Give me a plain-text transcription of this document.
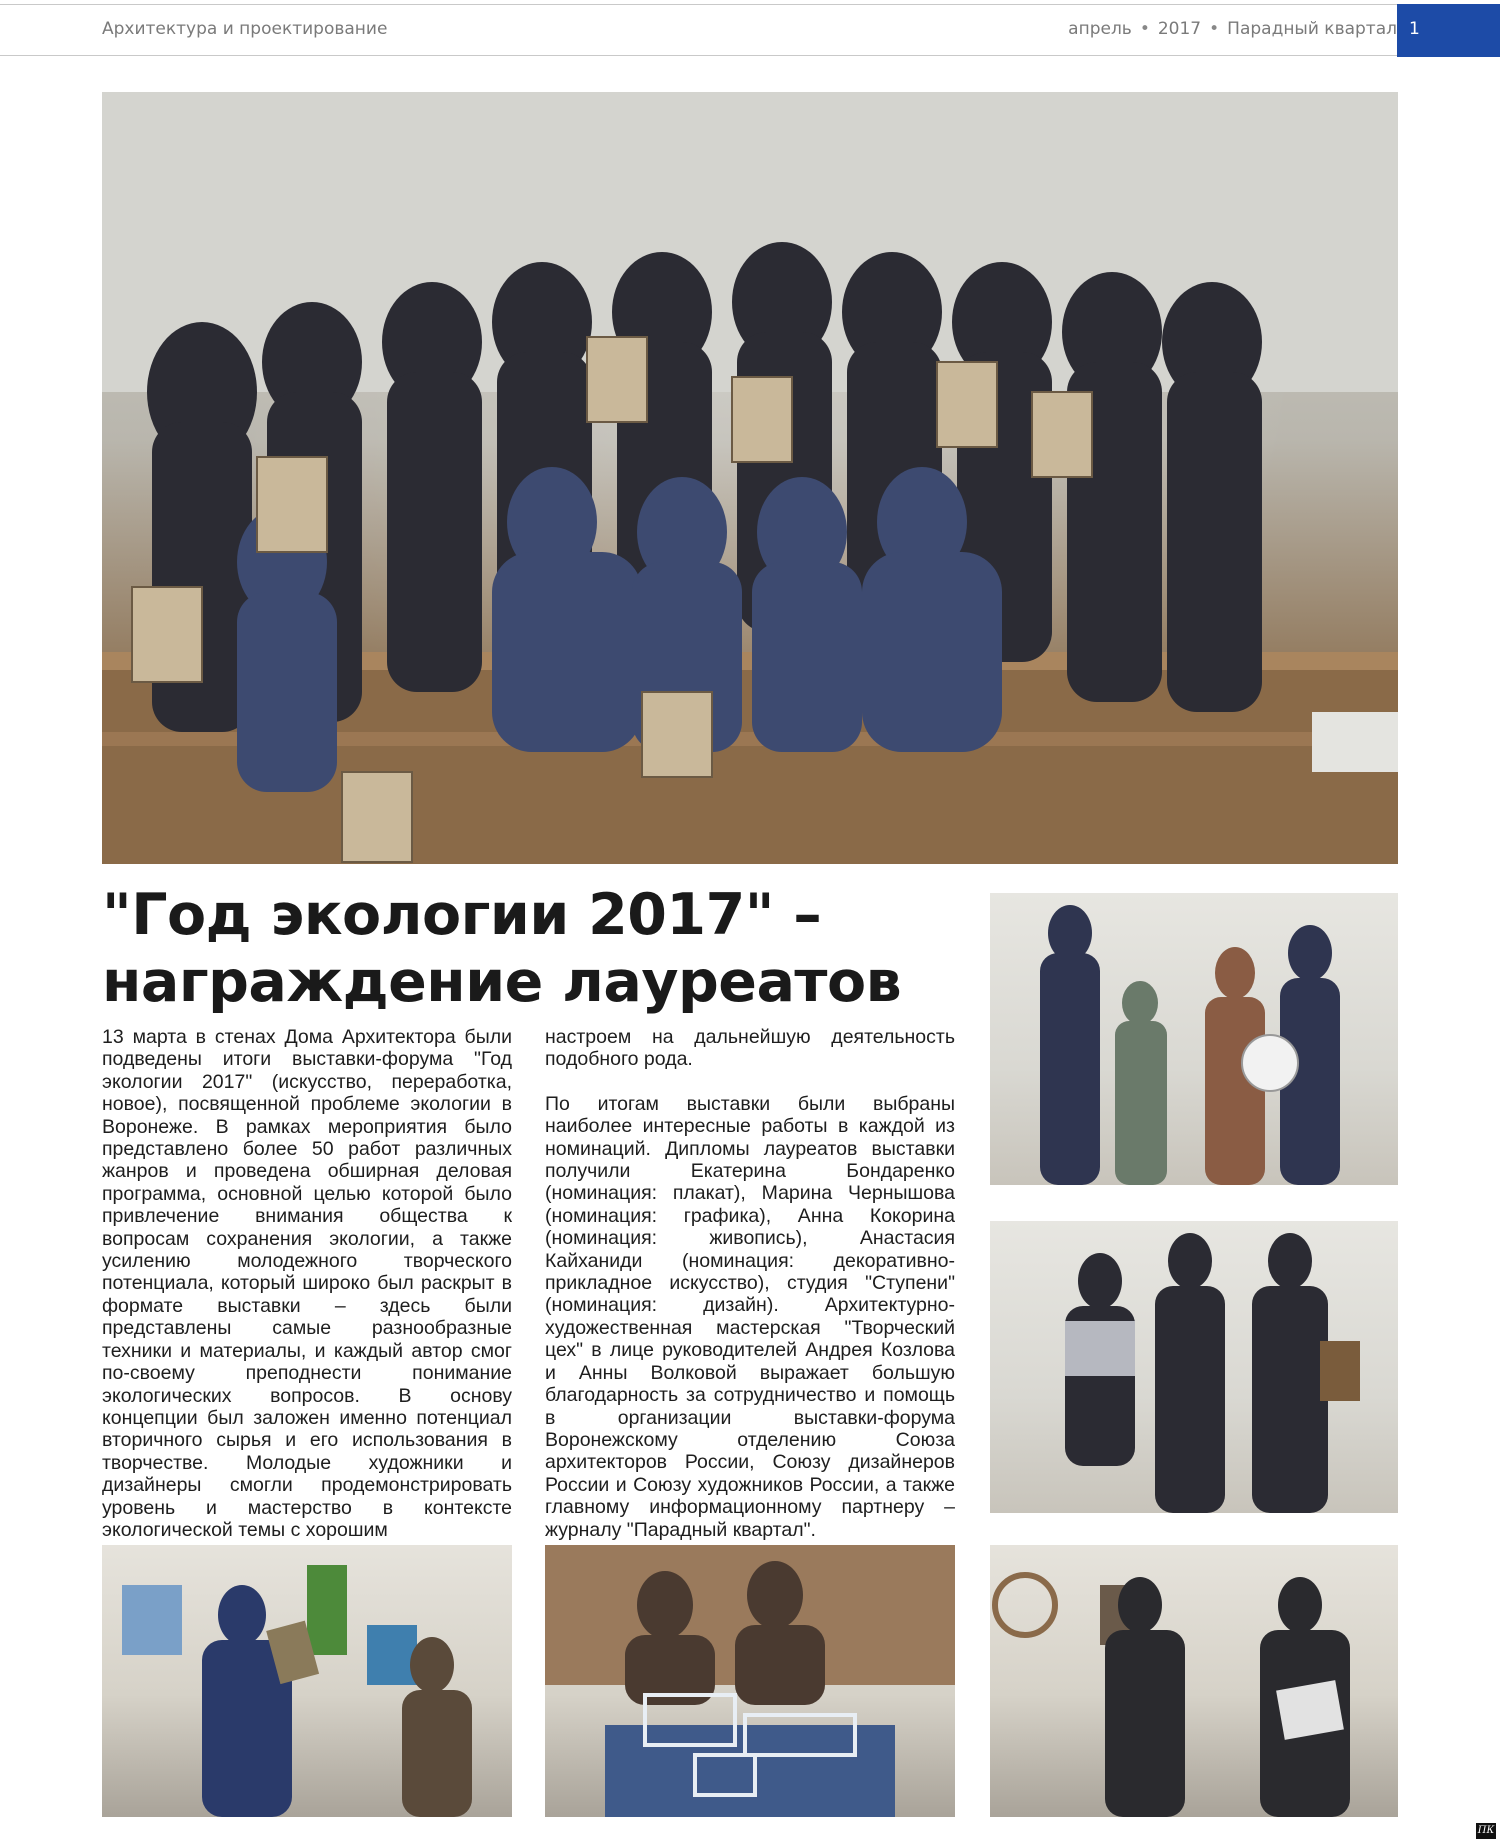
Архитектура и проектирование	апрель • 2017 • Парадный квартал 1
"Год экологии 2017" –
награждение лауреатов

13 марта в стенах Дома Архитектора были подведены итоги выставки-форума "Год экологии 2017" (искусство, переработка, новое), посвященной проблеме экологии в Воронеже. В рамках мероприятия было представлено более 50 работ различных жанров и проведена обширная деловая программа, основной целью которой было привлечение внимания общества к вопросам сохранения экологии, а также усилению молодежного творческого потенциала, который широко был раскрыт в формате выставки – здесь были представлены самые разнообразные техники и материалы, и каждый автор смог по-своему преподнести понимание экологических вопросов. В основу концепции был заложен именно потенциал вторичного сырья и его использования в творчестве. Молодые художники и дизайнеры смогли продемонстрировать уровень и мастерство в контексте экологической темы с хорошим

настроем на дальнейшую деятельность подобного рода.

По итогам выставки были выбраны наиболее интересные работы в каждой из номинаций. Дипломы лауреатов выставки получили Екатерина Бондаренко (номинация: плакат), Марина Чернышова (номинация: графика), Анна Кокорина (номинация: живопись), Анастасия Кайханиди (номинация: декоративно-прикладное искусство), студия "Ступени" (номинация: дизайн). Архитектурно-художественная мастерская "Творческий цех" в лице руководителей Андрея Козлова и Анны Волковой выражает большую благодарность за сотрудничество и помощь в организации выставки-форума Воронежскому отделению Союза архитекторов России, Союзу дизайнеров России и Союзу художников России, а также главному информационному партнеру – журналу "Парадный квартал".

ПК
